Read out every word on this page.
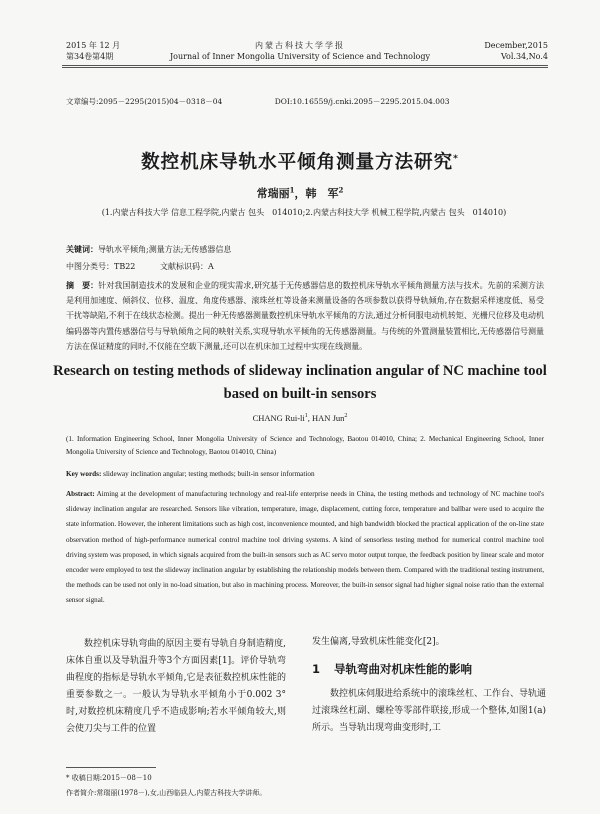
2015 年 12 月
第34卷第4期
内蒙古科技大学学报
Journal of Inner Mongolia University of Science and Technology
December,2015
Vol.34,No.4
文章编号:2095－2295(2015)04－0318－04	DOI:10.16559/j.cnki.2095－2295.2015.04.003
数控机床导轨水平倾角测量方法研究*
常瑞丽$^1$，韩　军$^2$
(1.内蒙古科技大学 信息工程学院,内蒙古 包头　014010;2.内蒙古科技大学 机械工程学院,内蒙古 包头　014010)
关键词：导轨水平倾角;测量方法;无传感器信息
中图分类号：TB22	文献标识码：A
摘　要：针对我国制造技术的发展和企业的现实需求,研究基于无传感器信息的数控机床导轨水平倾角测量方法与技术。先前的采测方法是利用加速度、倾斜仪、位移、温度、角度传感器、滚珠丝杠等设备来测量设备的各项参数以获得导轨倾角,存在数据采样速度低、易受干扰等缺陷,不利于在线状态检测。提出一种无传感器测量数控机床导轨水平倾角的方法,通过分析伺服电动机转矩、光栅尺位移及电动机编码器等内置传感器信号与导轨倾角之间的映射关系,实现导轨水平倾角的无传感器测量。与传统的外置测量装置相比,无传感器信号测量方法在保证精度的同时,不仅能在空载下测量,还可以在机床加工过程中实现在线测量。
Research on testing methods of slideway inclination angular of NC machine tool based on built-in sensors
CHANG Rui-$li^1$, HAN Jun$^2$
(1. Information Engineering School, Inner Mongolia University of Science and Technology, Baotou 014010, China; 2. Mechanical Engineering School, Inner Mongolia University of Science and Technology, Baotou 014010, China)
Key words: slideway inclination angular; testing methods; built-in sensor information
Abstract: Aiming at the development of manufacturing technology and real-life enterprise needs in China, the testing methods and technology of NC machine tool's slideway inclination angular are researched. Sensors like vibration, temperature, image, displacement, cutting force, temperature and ballbar were used to acquire the state information. However, the inherent limitations such as high cost, inconvenience mounted, and high bandwidth blocked the practical application of the on-line state observation method of high-performance numerical control machine tool driving systems. A kind of sensorless testing method for numerical control machine tool driving system was proposed, in which signals acquired from the built-in sensors such as AC servo motor output torque, the feedback position by linear scale and motor encoder were employed to test the slideway inclination angular by establishing the relationship models between them. Compared with the traditional testing instrument, the methods can be used not only in no-load situation, but also in machining process. Moreover, the built-in sensor signal had higher signal noise ratio than the external sensor signal.
数控机床导轨弯曲的原因主要有导轨自身制造精度,床体自重以及导轨温升等3个方面因素[1]。评价导轨弯曲程度的指标是导轨水平倾角,它是表征数控机床性能的重要参数之一。一般认为导轨水平倾角小于0.002 3°时,对数控机床精度几乎不造成影响;若水平倾角较大,则会使刀尖与工件的位置
发生偏离,导致机床性能变化[2]。
1 导轨弯曲对机床性能的影响
数控机床伺服进给系统中的滚珠丝杠、工作台、导轨通过滚珠丝杠副、螺栓等零部件联接,形成一个整体,如图1(a)所示。当导轨出现弯曲变形时,工
* 收稿日期:2015－08－10
作者简介:常瑞丽(1978－),女,山西临县人,内蒙古科技大学讲师。
